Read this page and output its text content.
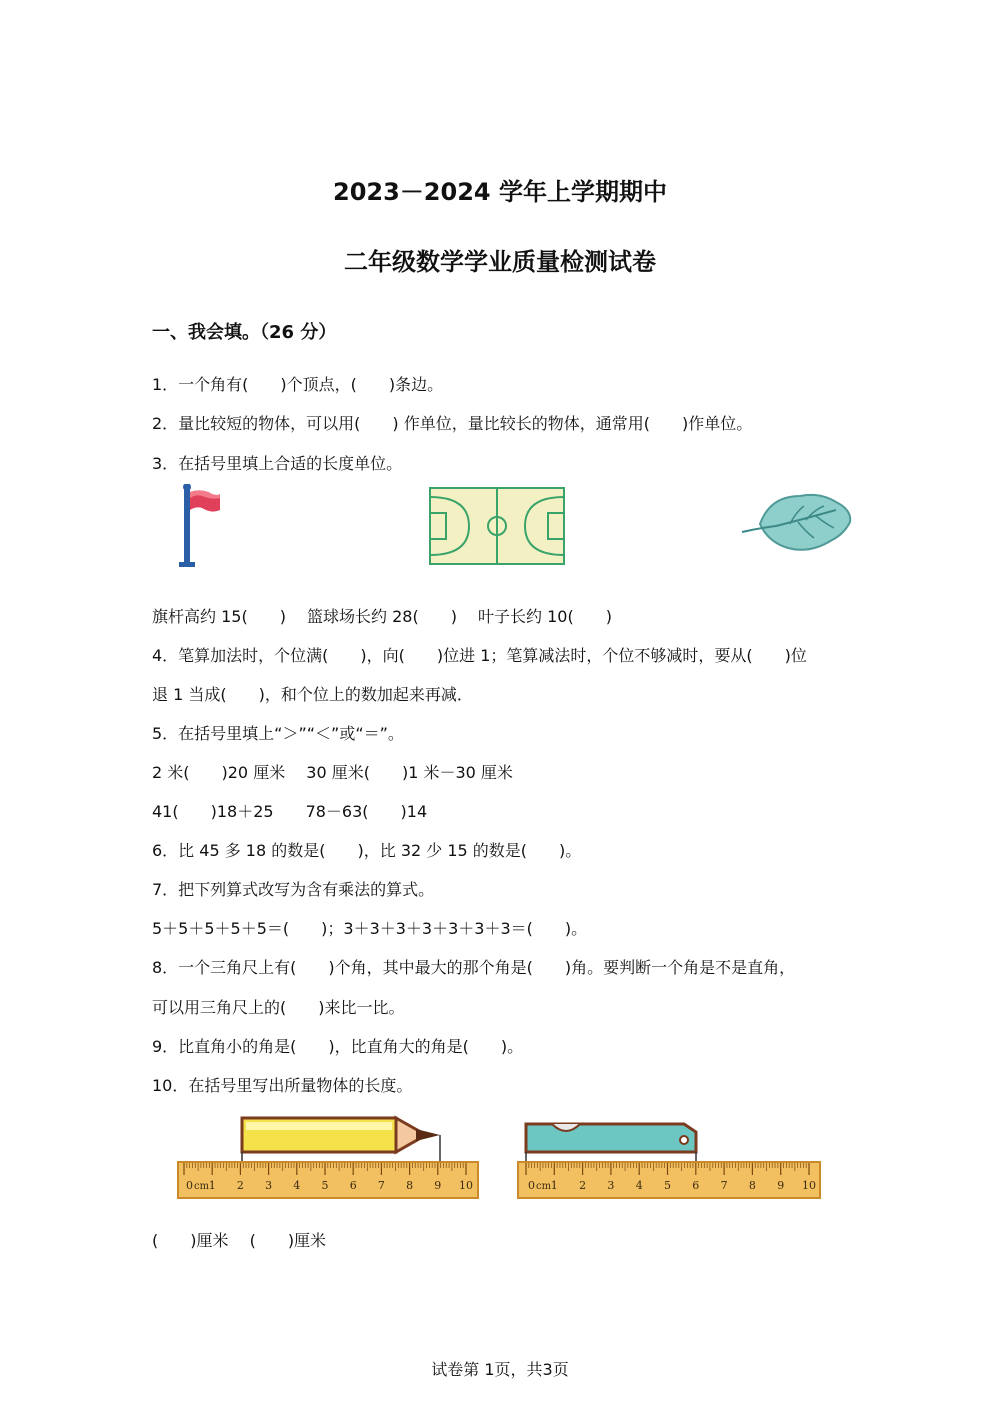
2023－2024 学年上学期期中
二年级数学学业质量检测试卷
一、我会填。（26 分）
1．一个角有(　　)个顶点，(　　)条边。
2．量比较短的物体，可以用(　　) 作单位，量比较长的物体，通常用(　　)作单位。
3．在括号里填上合适的长度单位。
旗杆高约 15(　　)　 篮球场长约 28(　　)　 叶子长约 10(　　)
4．笔算加法时，个位满(　　)，向(　　)位进 1；笔算减法时，个位不够减时，要从(　　)位
退 1 当成(　　)，和个位上的数加起来再减．
5．在括号里填上“＞”“＜”或“＝”。
2 米(　　)20 厘米　 30 厘米(　　)1 米－30 厘米
41(　　)18＋25　　78－63(　　)14
6．比 45 多 18 的数是(　　)，比 32 少 15 的数是(　　)。
7．把下列算式改写为含有乘法的算式。
5＋5＋5＋5＋5＝(　　)；3＋3＋3＋3＋3＋3＋3＝(　　)。
8．一个三角尺上有(　　)个角，其中最大的那个角是(　　)角。要判断一个角是不是直角，
可以用三角尺上的(　　)来比一比。
9．比直角小的角是(　　)，比直角大的角是(　　)。
10．在括号里写出所量物体的长度。
0 cm 1 2 3 4 5 6 7 8 9 10	0 cm 1 2 3 4 5 6 7 8 9 10
(　　)厘米　 (　　)厘米
试卷第 1页，共3页
